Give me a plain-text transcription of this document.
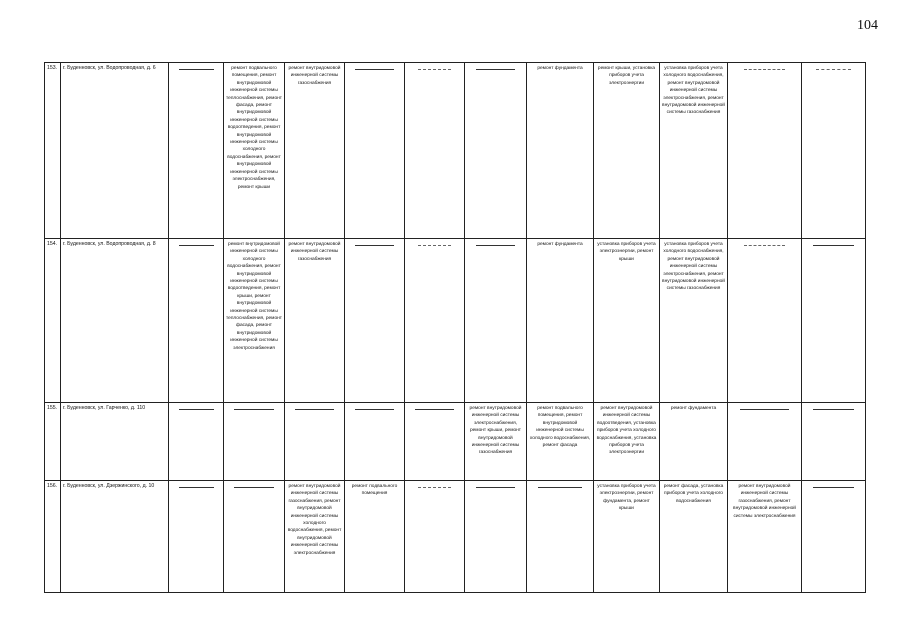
104
153.	г. Буденновск, ул. Водопроводная, д. 6		ремонт подвального помещения, ремонт внутридомовой инженерной системы теплоснабжения, ремонт фасада, ремонт внутридомовой инженерной системы водоотведения, ремонт внутридомовой инженерной системы холодного водоснабжения, ремонт внутридомовой инженерной системы электроснабжения, ремонт крыши	ремонт внутридомовой инженерной системы газоснабжения				ремонт фундамента	ремонт крыши, установка приборов учета электроэнергии	установка приборов учета холодного водоснабжения, ремонт внутридомовой инженерной системы электроснабжения, ремонт внутридомовой инженерной системы газоснабжения	

154.	г. Буденновск, ул. Водопроводная, д. 8		ремонт внутридомовой инженерной системы холодного водоснабжения, ремонт внутридомовой инженерной системы водоотведения, ремонт крыши, ремонт внутридомовой инженерной системы теплоснабжения, ремонт фасада, ремонт внутридомовой инженерной системы электроснабжения	ремонт внутридомовой инженерной системы газоснабжения				ремонт фундамента	установка приборов учета электроэнергии, ремонт крыши	установка приборов учета холодного водоснабжения, ремонт внутридомовой инженерной системы электроснабжения, ремонт внутридомовой инженерной системы газоснабжения	

155.	г. Буденновск, ул. Гарченко, д. 110						ремонт внутридомовой инженерной системы электроснабжения, ремонт крыши, ремонт внутридомовой инженерной системы газоснабжения	ремонт подвального помещения, ремонт внутридомовой инженерной системы холодного водоснабжения, ремонт фасада	ремонт внутридомовой инженерной системы водоотведения, установка приборов учета холодного водоснабжения, установка приборов учета электроэнергии	ремонт фундамента	

156.	г. Буденновск, ул. Дзержинского, д. 10			ремонт внутридомовой инженерной системы газоснабжения, ремонт внутридомовой инженерной системы холодного водоснабжения, ремонт внутридомовой инженерной системы электроснабжения	ремонт подвального помещения				установка приборов учета электроэнергии, ремонт фундамента, ремонт крыши	ремонт фасада, установка приборов учета холодного водоснабжения	ремонт внутридомовой инженерной системы газоснабжения, ремонт внутридомовой инженерной системы электроснабжения	
